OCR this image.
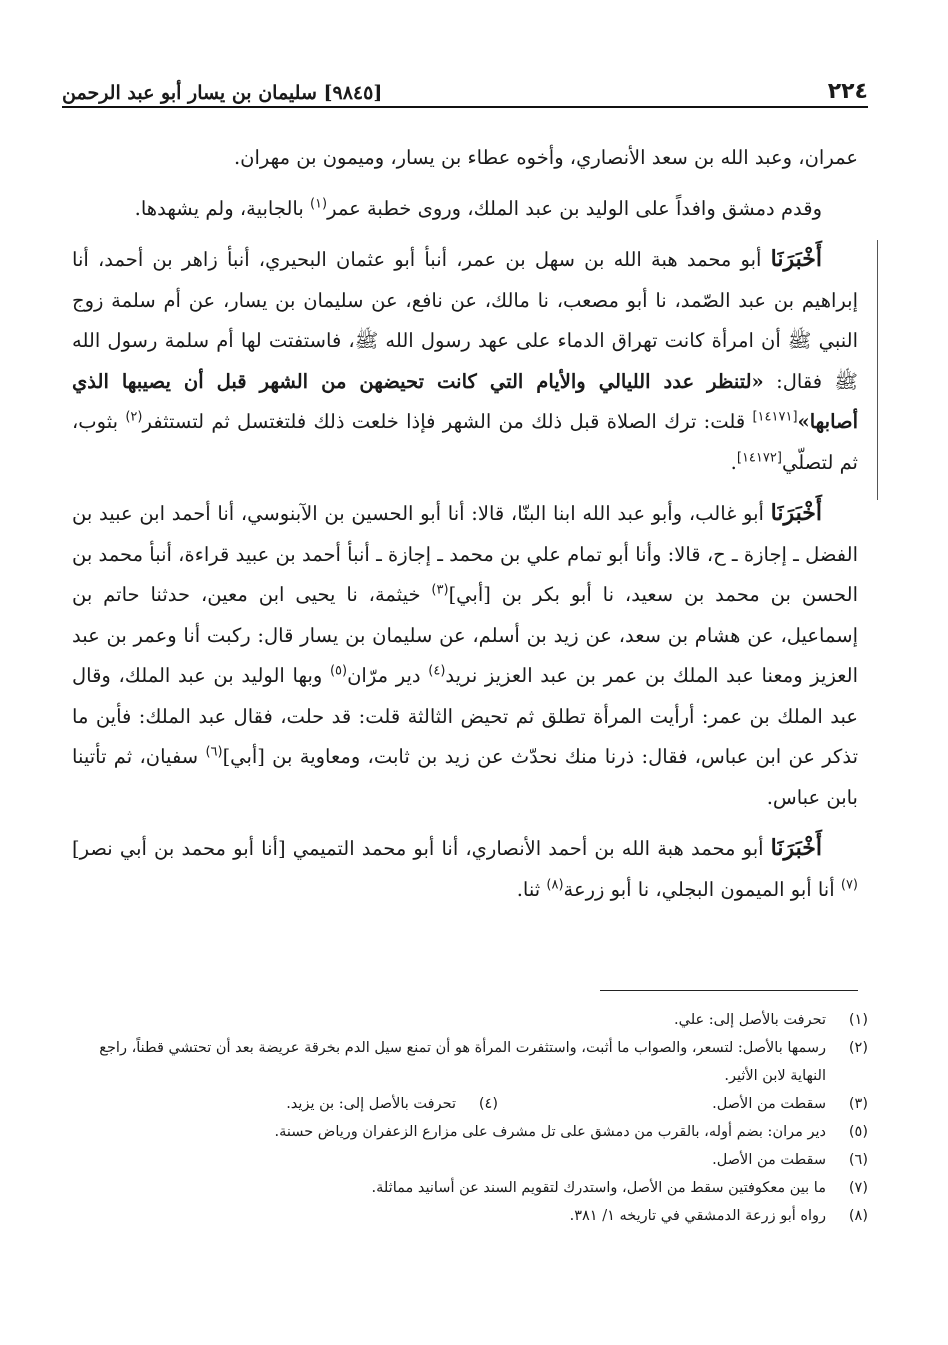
٢٢٤
[٩٨٤٥] سليمان بن يسار أبو عبد الرحمن

عمران، وعبد الله بن سعد الأنصاري، وأخوه عطاء بن يسار، وميمون بن مهران.

وقدم دمشق وافداً على الوليد بن عبد الملك، وروى خطبة عمر$^{(١)}$ بالجابية، ولم يشهدها.

أَخْبَرَنَا أبو محمد هبة الله بن سهل بن عمر، أنبأ أبو عثمان البحيري، أنبأ زاهر بن أحمد، أنا إبراهيم بن عبد الصّمد، نا أبو مصعب، نا مالك، عن نافع، عن سليمان بن يسار، عن أم سلمة زوج النبي ﷺ أن امرأة كانت تهراق الدماء على عهد رسول الله ﷺ، فاستفتت لها أم سلمة رسول الله ﷺ فقال: «لتنظر عدد الليالي والأيام التي كانت تحيضهن من الشهر قبل أن يصيبها الذي أصابها»[١٤١٧١] قلت: ترك الصلاة قبل ذلك من الشهر فإذا خلعت ذلك فلتغتسل ثم لتستثفر$^{(٢)}$ بثوب، ثم لتصلّي[١٤١٧٢].

أَخْبَرَنَا أبو غالب، وأبو عبد الله ابنا البنّا، قالا: أنا أبو الحسين بن الآبنوسي، أنا أحمد ابن عبيد بن الفضل ـ إجازة ـ ح، قالا: وأنا أبو تمام علي بن محمد ـ إجازة ـ أنبأ أحمد بن عبيد قراءة، أنبأ محمد بن الحسن بن محمد بن سعيد، نا أبو بكر بن [أبي]$^{(٣)}$ خيثمة، نا يحيى ابن معين، حدثنا حاتم بن إسماعيل، عن هشام بن سعد، عن زيد بن أسلم، عن سليمان بن يسار قال: ركبت أنا وعمر بن عبد العزيز ومعنا عبد الملك بن عمر بن عبد العزيز نريد$^{(٤)}$ دير مرّان$^{(٥)}$ وبها الوليد بن عبد الملك، وقال عبد الملك بن عمر: أرأيت المرأة تطلق ثم تحيض الثالثة قلت: قد حلت، فقال عبد الملك: فأين ما تذكر عن ابن عباس، فقال: ذرنا منك نحدّث عن زيد بن ثابت، ومعاوية بن [أبي]$^{(٦)}$ سفيان، ثم تأتينا بابن عباس.

أَخْبَرَنَا أبو محمد هبة الله بن أحمد الأنصاري، أنا أبو محمد التميمي [أنا أبو محمد بن أبي نصر]$^{(٧)}$ أنا أبو الميمون البجلي، نا أبو زرعة$^{(٨)}$ ثنا.

(١)
تحرفت بالأصل إلى: علي.
(٢)
رسمها بالأصل: لتسعر، والصواب ما أثبت، واستثفرت المرأة هو أن تمنع سيل الدم بخرقة عريضة بعد أن تحتشي قطناً، راجع النهاية لابن الأثير.
(٣)
سقطت من الأصل.
(٤)
تحرفت بالأصل إلى: بن يزيد.
(٥)
دير مران: بضم أوله، بالقرب من دمشق على تل مشرف على مزارع الزعفران ورياض حسنة.
(٦)
سقطت من الأصل.
(٧)
ما بين معكوفتين سقط من الأصل، واستدرك لتقويم السند عن أسانيد مماثلة.
(٨)
رواه أبو زرعة الدمشقي في تاريخه ١/ ٣٨١.
